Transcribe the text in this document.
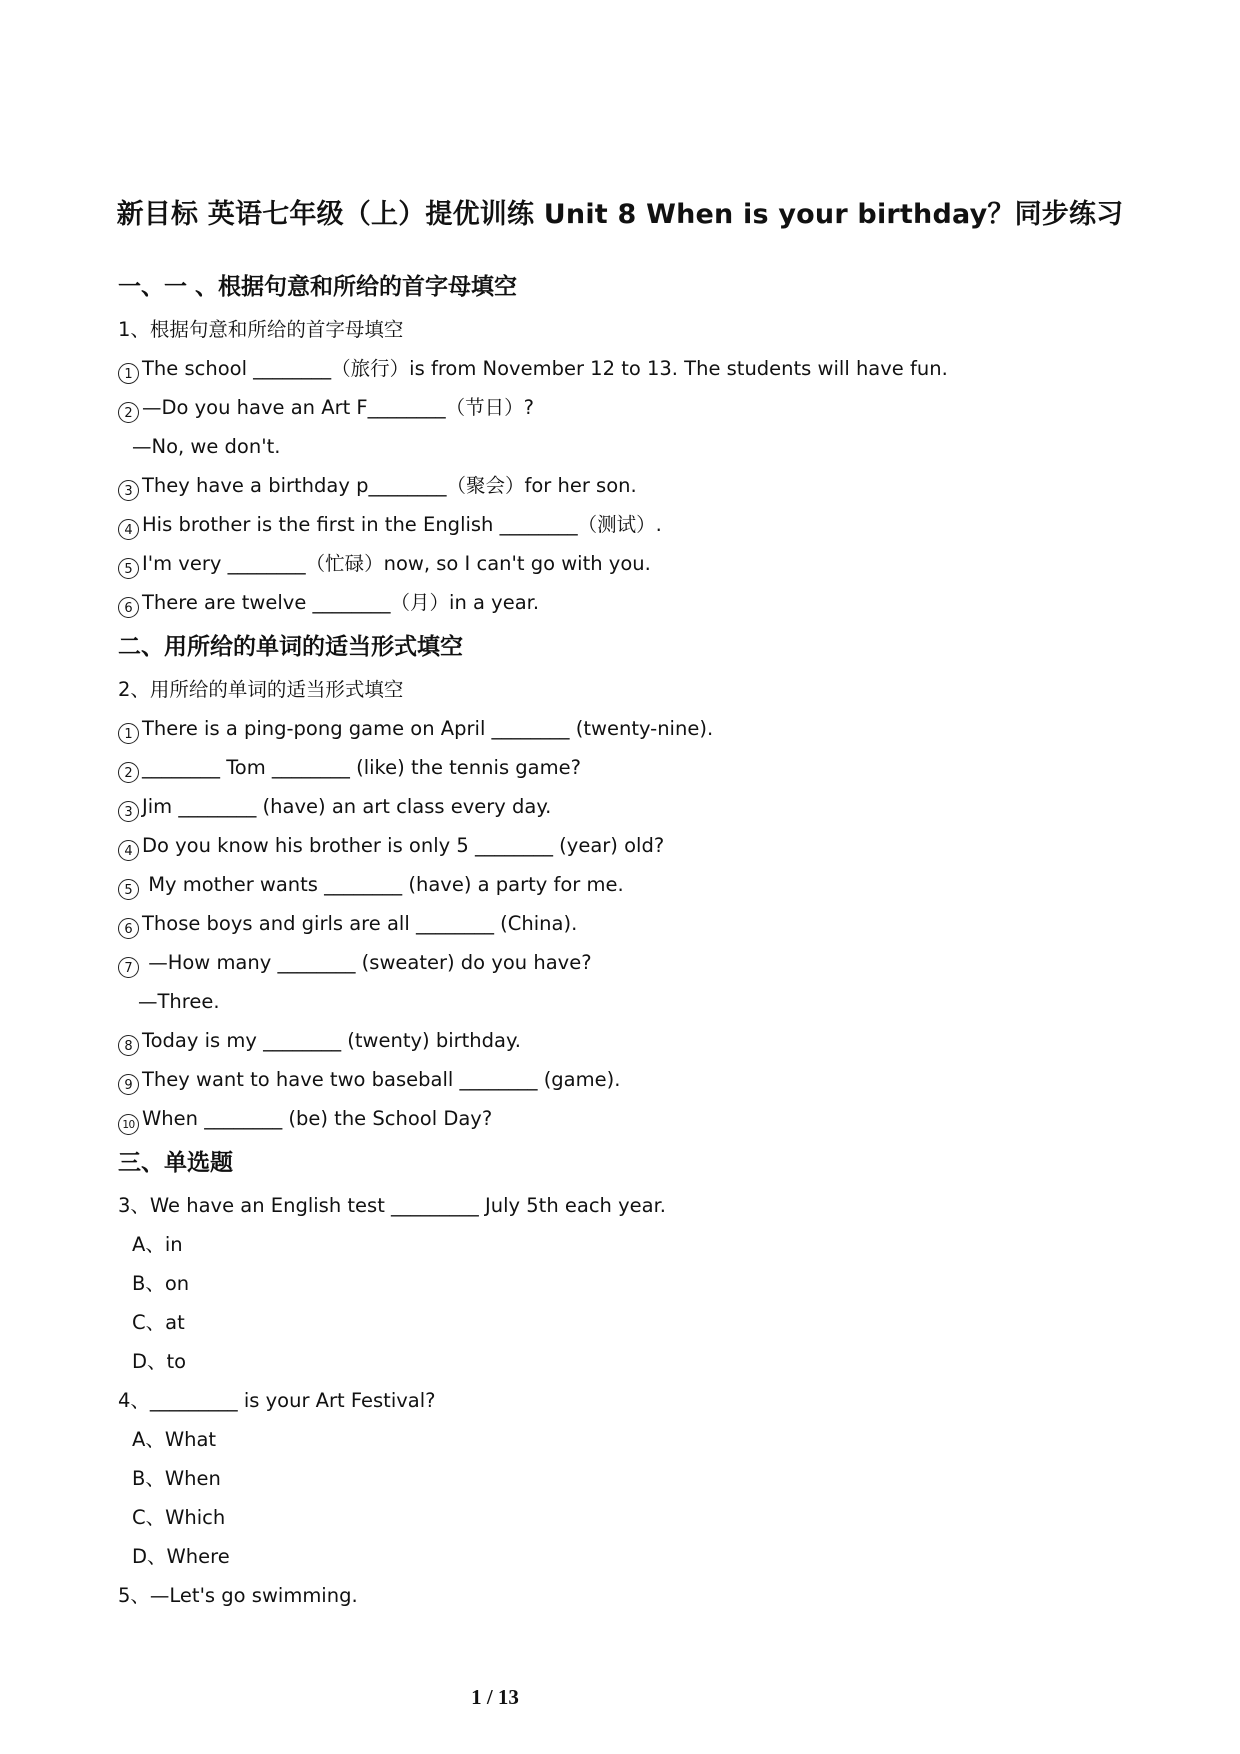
新目标 英语七年级（上）提优训练 Unit 8 When is your birthday？同步练习
一、一 、根据句意和所给的首字母填空
1、根据句意和所给的首字母填空
1 The school ________（旅行）is from November 12 to 13. The students will have fun.
2 —Do you have an Art F________（节日）?
—No, we don't.
3 They have a birthday p________（聚会）for her son.
4 His brother is the first in the English ________（测试）.
5 I'm very ________（忙碌）now, so I can't go with you.
6 There are twelve ________（月）in a year.
二、用所给的单词的适当形式填空
2、用所给的单词的适当形式填空
1 There is a ping-pong game on April ________ (twenty-nine).
2 ________ Tom ________ (like) the tennis game?
3 Jim ________ (have) an art class every day.
4 Do you know his brother is only 5 ________ (year) old?
5 My mother wants ________ (have) a party for me.
6 Those boys and girls are all ________ (China).
7 —How many ________ (sweater) do you have?
—Three.
8 Today is my ________ (twenty) birthday.
9 They want to have two baseball ________ (game).
10 When ________ (be) the School Day?
三、单选题
3、We have an English test _________ July 5th each year.
A、in
B、on
C、at
D、to
4、_________ is your Art Festival?
A、What
B、When
C、Which
D、Where
5、—Let's go swimming.
1 / 13
